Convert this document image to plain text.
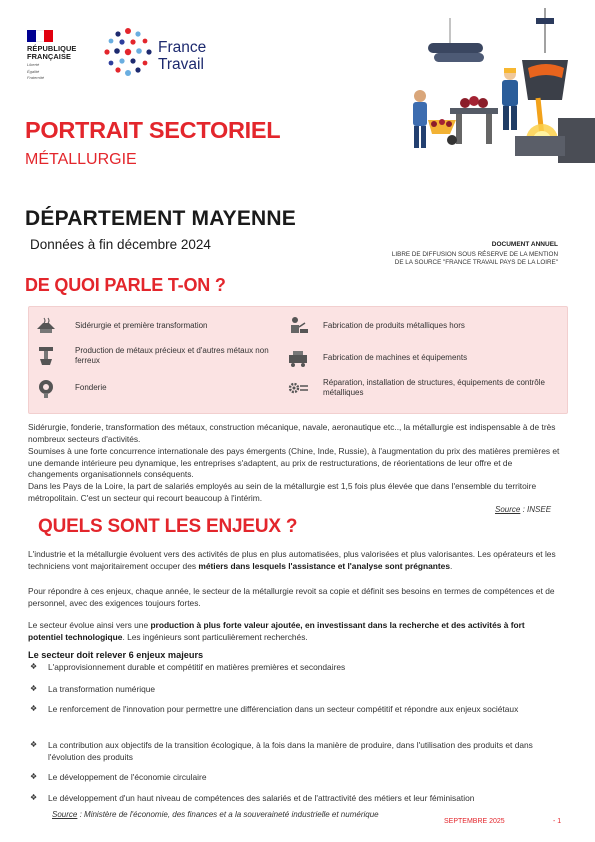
RÉPUBLIQUE
FRANÇAISE
Liberté
Égalité
Fraternité
France
Travail
PORTRAIT SECTORIEL
MÉTALLURGIE
DÉPARTEMENT MAYENNE
Données à fin décembre 2024	DOCUMENT ANNUEL
LIBRE DE DIFFUSION SOUS RÉSERVE DE LA MENTION
DE LA SOURCE "FRANCE TRAVAIL PAYS DE LA LOIRE"
DE QUOI PARLE T-ON ?
Sidérurgie et première transformation
Production de métaux précieux et d'autres métaux non ferreux
Fonderie
Fabrication de produits métalliques hors
Fabrication de machines et équipements
Réparation, installation de structures, équipements de contrôle métalliques
Sidérurgie, fonderie, transformation des métaux, construction mécanique, navale, aeronautique etc.., la métallurgie est indispensable à de très nombreux secteurs d'activités.
Soumises à une forte concurrence internationale des pays émergents (Chine, Inde, Russie), à l'augmentation du prix des matières premières et une demande intérieure peu dynamique, les entreprises s'adaptent, au prix de restructurations, de réorientations de leur offre et de changements organisationnels conséquents.
Dans les Pays de la Loire, la part de salariés employés au sein de la métallurgie est 1,5 fois plus élevée que dans l'ensemble du territoire métropolitain. C'est un secteur qui recourt beaucoup à l'intérim.
Source : INSEE
QUELS SONT LES ENJEUX ?
L'industrie et la métallurgie évoluent vers des activités de plus en plus automatisées, plus valorisées et plus valorisantes. Les opérateurs et les techniciens vont majoritairement occuper des métiers dans lesquels l'assistance et l'analyse sont prégnantes.
Pour répondre à ces enjeux, chaque année, le secteur de la métallurgie revoit sa copie et définit ses besoins en termes de compétences et de personnel, avec des exigences toujours fortes.
Le secteur évolue ainsi vers une production à plus forte valeur ajoutée, en investissant dans la recherche et des activités à fort potentiel technologique. Les ingénieurs sont particulièrement recherchés.
Le secteur doit relever 6 enjeux majeurs
❖	L'approvisionnement durable et compétitif en matières premières et secondaires
❖	La transformation numérique
❖	Le renforcement de l'innovation pour permettre une différenciation dans un secteur compétitif et répondre aux enjeux sociétaux
❖	La contribution aux objectifs de la transition écologique, à la fois dans la manière de produire, dans l'utilisation des produits et dans l'évolution des produits
❖	Le développement de l'économie circulaire
❖	Le développement d'un haut niveau de compétences des salariés et de l'attractivité des métiers et leur féminisation
Source : Ministère de l'économie, des finances et a la souveraineté industrielle et numérique
SEPTEMBRE 2025	- 1
